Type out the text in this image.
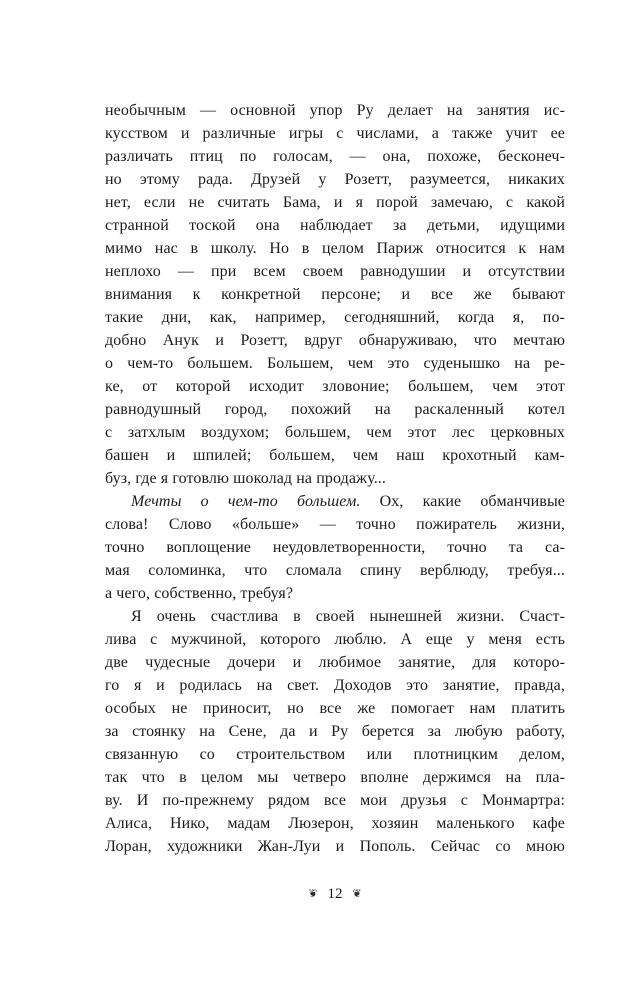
необычным — основной упор Ру делает на занятия ис-
кусством и различные игры с числами, а также учит ее
различать птиц по голосам, — она, похоже, бесконеч-
но этому рада. Друзей у Розетт, разумеется, никаких
нет, если не считать Бама, и я порой замечаю, с какой
странной тоской она наблюдает за детьми, идущими
мимо нас в школу. Но в целом Париж относится к нам
неплохо — при всем своем равнодушии и отсутствии
внимания к конкретной персоне; и все же бывают
такие дни, как, например, сегодняшний, когда я, по-
добно Анук и Розетт, вдруг обнаруживаю, что мечтаю
о чем-то большем. Большем, чем это суденышко на ре-
ке, от которой исходит зловоние; большем, чем этот
равнодушный город, похожий на раскаленный котел
с затхлым воздухом; большем, чем этот лес церковных
башен и шпилей; большем, чем наш крохотный кам-
буз, где я готовлю шоколад на продажу...
Мечты о чем-то большем. Ох, какие обманчивые
слова! Слово «больше» — точно пожиратель жизни,
точно воплощение неудовлетворенности, точно та са-
мая соломинка, что сломала спину верблюду, требуя...
а чего, собственно, требуя?
Я очень счастлива в своей нынешней жизни. Счаст-
лива с мужчиной, которого люблю. А еще у меня есть
две чудесные дочери и любимое занятие, для которо-
го я и родилась на свет. Доходов это занятие, правда,
особых не приносит, но все же помогает нам платить
за стоянку на Сене, да и Ру берется за любую работу,
связанную со строительством или плотницким делом,
так что в целом мы четверо вполне держимся на пла-
ву. И по-прежнему рядом все мои друзья с Монмартра:
Алиса, Нико, мадам Люзерон, хозяин маленького кафе
Лоран, художники Жан-Луи и Пополь. Сейчас со мною
❦ 12 ❦
